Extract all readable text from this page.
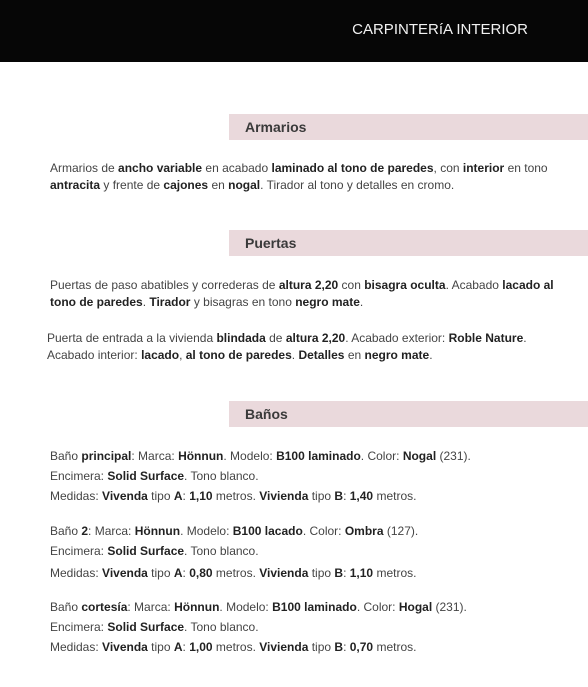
CARPINTERíA INTERIOR
Armarios
Armarios de ancho variable en acabado laminado al tono de paredes, con interior en tono antracita y frente de cajones en nogal. Tirador al tono y detalles en cromo.
Puertas
Puertas de paso abatibles y correderas de altura 2,20 con bisagra oculta. Acabado lacado al tono de paredes. Tirador y bisagras en tono negro mate.
Puerta de entrada a la vivienda blindada de altura 2,20. Acabado exterior: Roble Nature. Acabado interior: lacado, al tono de paredes. Detalles en negro mate.
Baños
Baño principal: Marca: Hönnun. Modelo: B100 laminado. Color: Nogal (231).
Encimera: Solid Surface. Tono blanco.
Medidas: Vivenda tipo A: 1,10 metros. Vivienda tipo B: 1,40 metros.
Baño 2: Marca: Hönnun. Modelo: B100 lacado. Color: Ombra (127).
Encimera: Solid Surface. Tono blanco.
Medidas: Vivenda tipo A: 0,80 metros. Vivienda tipo B: 1,10 metros.
Baño cortesía: Marca: Hönnun. Modelo: B100 laminado. Color: Hogal (231).
Encimera: Solid Surface. Tono blanco.
Medidas: Vivenda tipo A: 1,00 metros. Vivienda tipo B: 0,70 metros.
